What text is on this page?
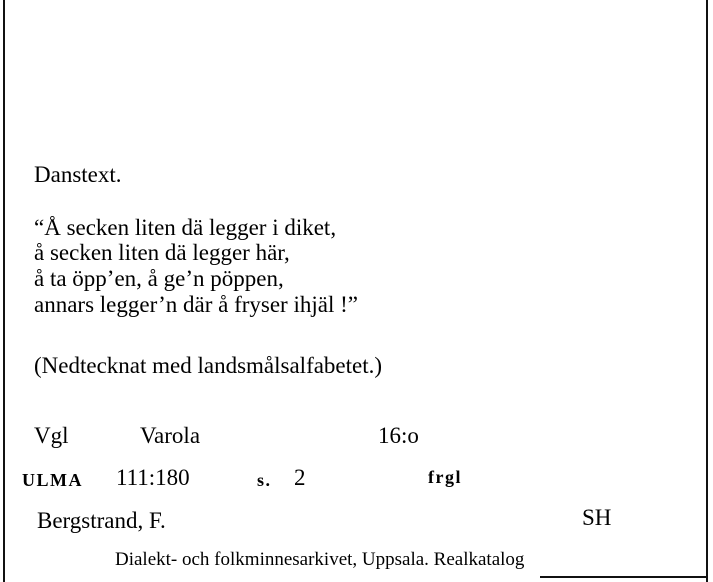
Danstext.
“Å secken liten dä legger i diket,
å secken liten dä legger här,
å ta öpp’en, å ge’n pöppen,
annars legger’n där å fryser ihjäl !”
(Nedtecknat med landsmålsalfabetet.)
Vgl	Varola	16:o
ULMA 111:180	s. 2	frgl
Bergstrand, F.	SH
Dialekt- och folkminnesarkivet, Uppsala. Realkatalog
